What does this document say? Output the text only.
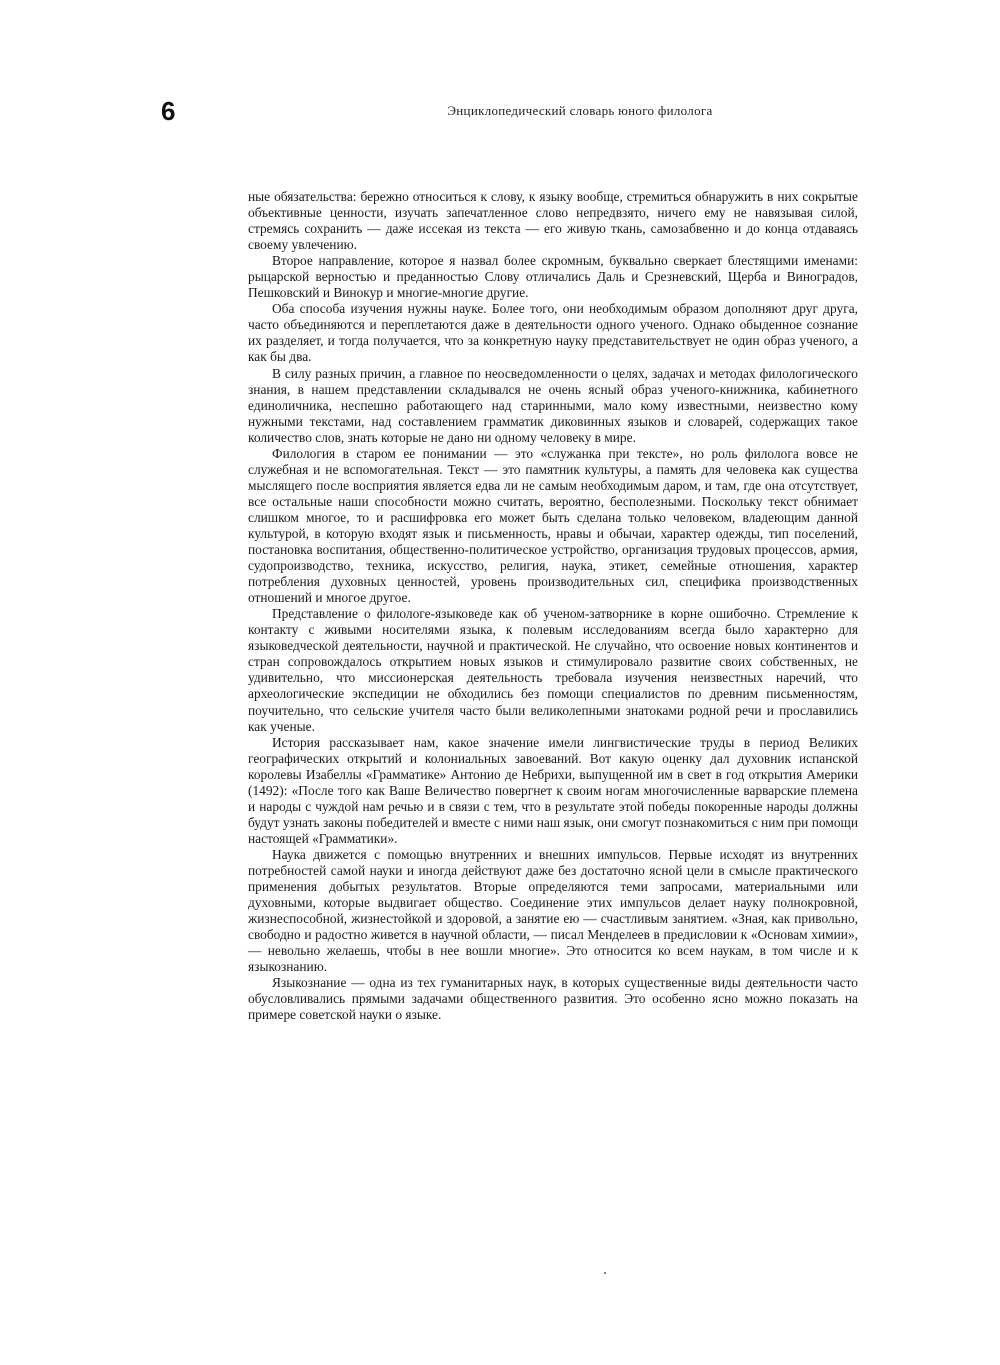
6	Энциклопедический словарь юного филолога

ные обязательства: бережно относиться к слову, к языку вообще, стремиться обнаружить в них сокрытые объективные ценности, изучать запечатленное слово непредвзято, ничего ему не навязывая силой, стремясь сохранить — даже иссекая из текста — его живую ткань, самозабвенно и до конца отдаваясь своему увлечению.

Второе направление, которое я назвал более скромным, буквально сверкает блестящими именами: рыцарской верностью и преданностью Слову отличались Даль и Срезневский, Щерба и Виноградов, Пешковский и Винокур и многие-многие другие.

Оба способа изучения нужны науке. Более того, они необходимым образом дополняют друг друга, часто объединяются и переплетаются даже в деятельности одного ученого. Однако обыденное сознание их разделяет, и тогда получается, что за конкретную науку представительствует не один образ ученого, а как бы два.

В силу разных причин, а главное по неосведомленности о целях, задачах и методах филологического знания, в нашем представлении складывался не очень ясный образ ученого-книжника, кабинетного единоличника, неспешно работающего над старинными, мало кому известными, неизвестно кому нужными текстами, над составлением грамматик диковинных языков и словарей, содержащих такое количество слов, знать которые не дано ни одному человеку в мире.

Филология в старом ее понимании — это «служанка при тексте», но роль филолога вовсе не служебная и не вспомогательная. Текст — это памятник культуры, а память для человека как существа мыслящего после восприятия является едва ли не самым необходимым даром, и там, где она отсутствует, все остальные наши способности можно считать, вероятно, бесполезными. Поскольку текст обнимает слишком многое, то и расшифровка его может быть сделана только человеком, владеющим данной культурой, в которую входят язык и письменность, нравы и обычаи, характер одежды, тип поселений, постановка воспитания, общественно-политическое устройство, организация трудовых процессов, армия, судопроизводство, техника, искусство, религия, наука, этикет, семейные отношения, характер потребления духовных ценностей, уровень производительных сил, специфика производственных отношений и многое другое.

Представление о филологе-языковеде как об ученом-затворнике в корне ошибочно. Стремление к контакту с живыми носителями языка, к полевым исследованиям всегда было характерно для языковедческой деятельности, научной и практической. Не случайно, что освоение новых континентов и стран сопровождалось открытием новых языков и стимулировало развитие своих собственных, не удивительно, что миссионерская деятельность требовала изучения неизвестных наречий, что археологические экспедиции не обходились без помощи специалистов по древним письменностям, поучительно, что сельские учителя часто были великолепными знатоками родной речи и прославились как ученые.

История рассказывает нам, какое значение имели лингвистические труды в период Великих географических открытий и колониальных завоеваний. Вот какую оценку дал духовник испанской королевы Изабеллы «Грамматике» Антонио де Небрихи, выпущенной им в свет в год открытия Америки (1492): «После того как Ваше Величество повергнет к своим ногам многочисленные варварские племена и народы с чуждой нам речью и в связи с тем, что в результате этой победы покоренные народы должны будут узнать законы победителей и вместе с ними наш язык, они смогут познакомиться с ним при помощи настоящей «Грамматики».

Наука движется с помощью внутренних и внешних импульсов. Первые исходят из внутренних потребностей самой науки и иногда действуют даже без достаточно ясной цели в смысле практического применения добытых результатов. Вторые определяются теми запросами, материальными или духовными, которые выдвигает общество. Соединение этих импульсов делает науку полнокровной, жизнеспособной, жизнестойкой и здоровой, а занятие ею — счастливым занятием. «Зная, как привольно, свободно и радостно живется в научной области, — писал Менделеев в предисловии к «Основам химии», — невольно желаешь, чтобы в нее вошли многие». Это относится ко всем наукам, в том числе и к языкознанию.

Языкознание — одна из тех гуманитарных наук, в которых существенные виды деятельности часто обусловливались прямыми задачами общественного развития. Это особенно ясно можно показать на примере советской науки о языке.
